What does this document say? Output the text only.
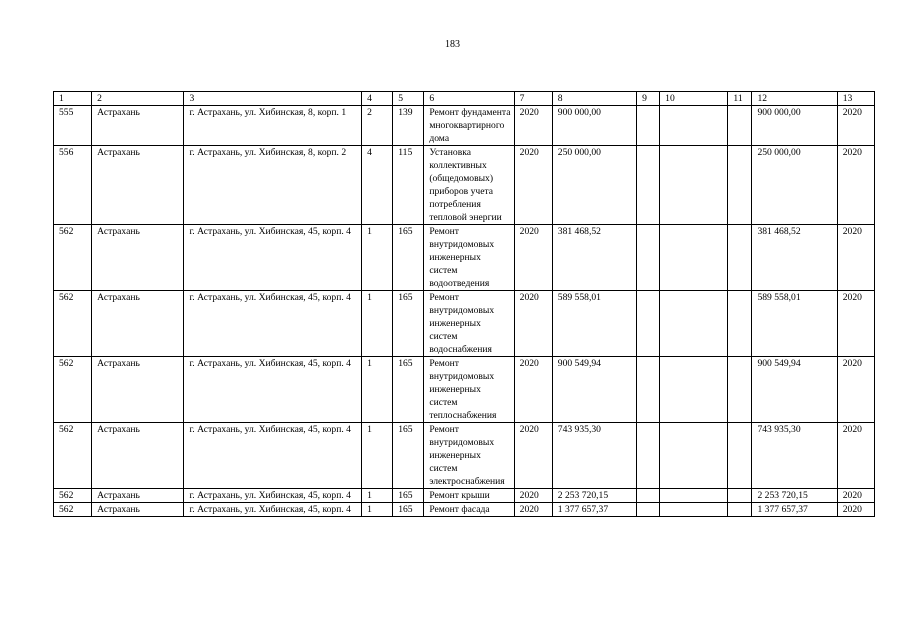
183
1	2	3	4	5	6	7	8	9	10	11	12	13
555	Астрахань	г. Астрахань, ул. Хибинская, 8, корп. 1	2	139	Ремонт фундамента многоквартирного дома	2020	900 000,00				900 000,00	2020
556	Астрахань	г. Астрахань, ул. Хибинская, 8, корп. 2	4	115	Установка коллективных (общедомовых) приборов учета потребления тепловой энергии	2020	250 000,00				250 000,00	2020
562	Астрахань	г. Астрахань, ул. Хибинская, 45, корп. 4	1	165	Ремонт внутридомовых инженерных систем водоотведения	2020	381 468,52				381 468,52	2020
562	Астрахань	г. Астрахань, ул. Хибинская, 45, корп. 4	1	165	Ремонт внутридомовых инженерных систем водоснабжения	2020	589 558,01				589 558,01	2020
562	Астрахань	г. Астрахань, ул. Хибинская, 45, корп. 4	1	165	Ремонт внутридомовых инженерных систем теплоснабжения	2020	900 549,94				900 549,94	2020
562	Астрахань	г. Астрахань, ул. Хибинская, 45, корп. 4	1	165	Ремонт внутридомовых инженерных систем электроснабжения	2020	743 935,30				743 935,30	2020
562	Астрахань	г. Астрахань, ул. Хибинская, 45, корп. 4	1	165	Ремонт крыши	2020	2 253 720,15				2 253 720,15	2020
562	Астрахань	г. Астрахань, ул. Хибинская, 45, корп. 4	1	165	Ремонт фасада	2020	1 377 657,37				1 377 657,37	2020
